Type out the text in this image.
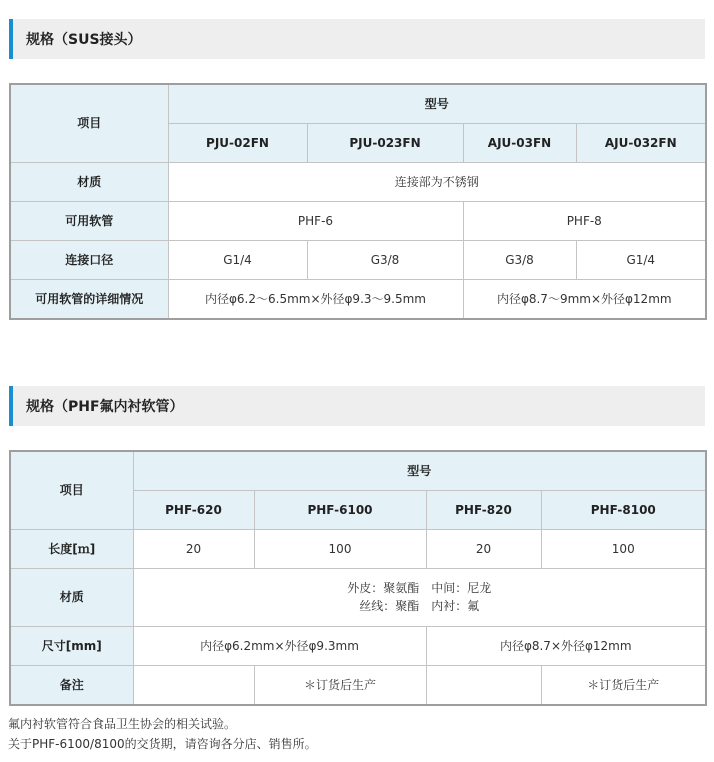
规格（SUS接头）
项目	型号			
	PJU-02FN	PJU-023FN	AJU-03FN	AJU-032FN
材质	连接部为不锈钢			
可用软管	PHF-6		PHF-8	
连接口径	G1/4	G3/8	G3/8	G1/4
可用软管的详细情况	内径φ6.2～6.5mm×外径φ9.3～9.5mm		内径φ8.7～9mm×外径φ12mm	
规格（PHF氟内衬软管）
项目	型号			
	PHF-620	PHF-6100	PHF-820	PHF-8100
长度[ｍ]	20	100	20	100
材质	外皮：聚氨酯　中间：尼龙
丝线：聚酯　内衬：氟			

尺寸[mm]	内径φ6.2mm×外径φ9.3mm		内径φ8.7×外径φ12mm	
备注		＊订货后生产		＊订货后生产
氟内衬软管符合食品卫生协会的相关试验。
关于PHF-6100/8100的交货期，请咨询各分店、销售所。
